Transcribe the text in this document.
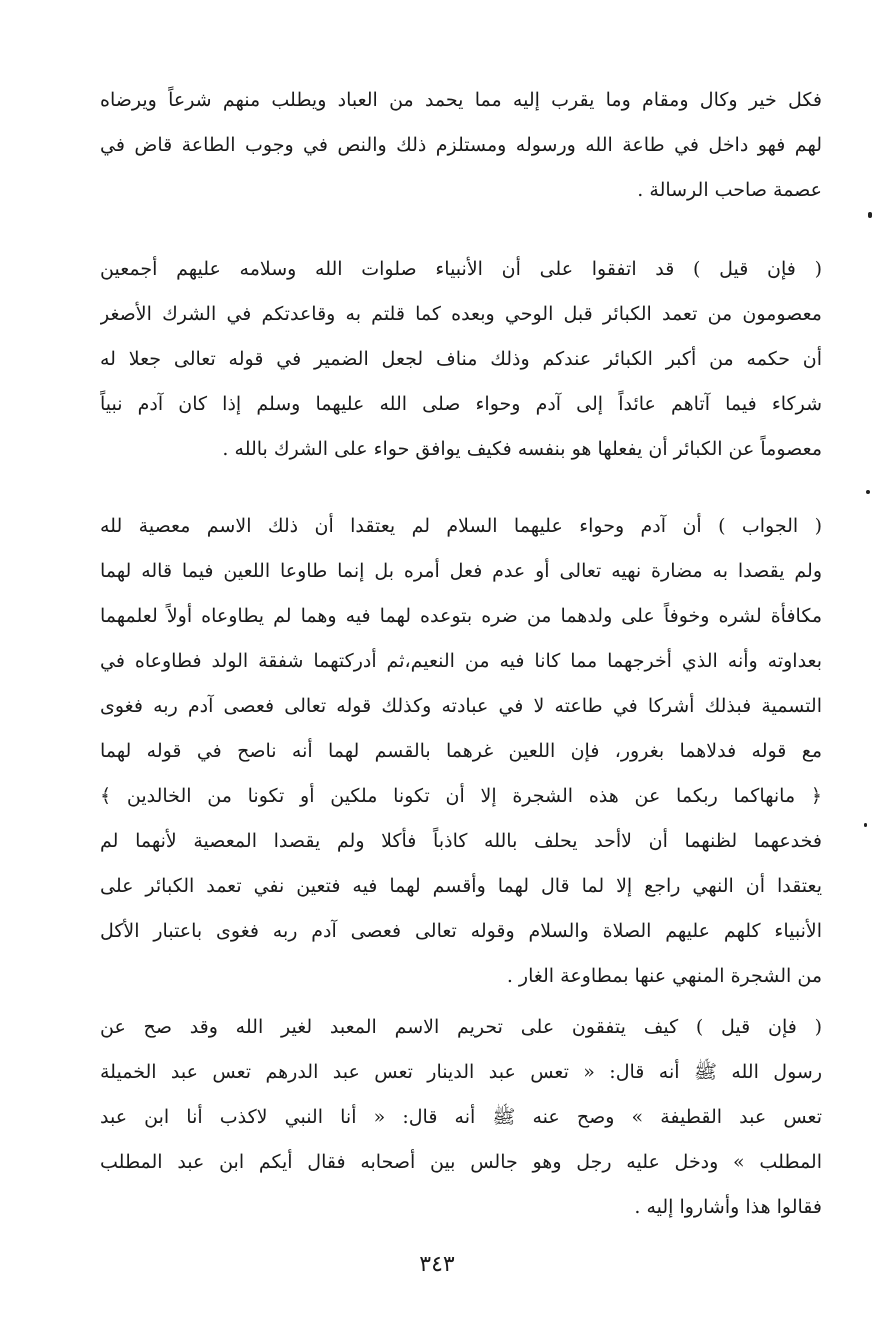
فكل خير وكال ومقام وما يقرب إليه مما يحمد من العباد ويطلب منهم شرعاً ويرضاه
لهم فهو داخل في طاعة الله ورسوله ومستلزم ذلك والنص في وجوب الطاعة قاض في
عصمة صاحب الرسالة .
( فإن قيل ) قد اتفقوا على أن الأنبياء صلوات الله وسلامه عليهم أجمعين
معصومون من تعمد الكبائر قبل الوحي وبعده كما قلتم به وقاعدتكم في الشرك الأصغر
أن حكمه من أكبر الكبائر عندكم وذلك مناف لجعل الضمير في قوله تعالى جعلا له
شركاء فيما آتاهم عائداً إلى آدم وحواء صلى الله عليهما وسلم إذا كان آدم نبياً
معصوماً عن الكبائر أن يفعلها هو بنفسه فكيف يوافق حواء على الشرك بالله .
( الجواب ) أن آدم وحواء عليهما السلام لم يعتقدا أن ذلك الاسم معصية لله
ولم يقصدا به مضارة نهيه تعالى أو عدم فعل أمره بل إنما طاوعا اللعين فيما قاله لهما
مكافأة لشره وخوفاً على ولدهما من ضره بتوعده لهما فيه وهما لم يطاوعاه أولاً لعلمهما
بعداوته وأنه الذي أخرجهما مما كانا فيه من النعيم،ثم أدركتهما شفقة الولد فطاوعاه في
التسمية فبذلك أشركا في طاعته لا في عبادته وكذلك قوله تعالى فعصى آدم ربه فغوى
مع قوله فدلاهما بغرور، فإن اللعين غرهما بالقسم لهما أنه ناصح في قوله لهما
﴿ مانهاكما ربكما عن هذه الشجرة إلا أن تكونا ملكين أو تكونا من الخالدين ﴾
فخدعهما لظنهما أن لاأحد يحلف بالله كاذباً فأكلا ولم يقصدا المعصية لأنهما لم
يعتقدا أن النهي راجع إلا لما قال لهما وأقسم لهما فيه فتعين نفي تعمد الكبائر على
الأنبياء كلهم عليهم الصلاة والسلام وقوله تعالى فعصى آدم ربه فغوى باعتبار الأكل
من الشجرة المنهي عنها بمطاوعة الغار .
( فإن قيل ) كيف يتفقون على تحريم الاسم المعبد لغير الله وقد صح عن
رسول الله ﷺ أنه قال: « تعس عبد الدينار تعس عبد الدرهم تعس عبد الخميلة
تعس عبد القطيفة » وصح عنه ﷺ أنه قال: « أنا النبي لاكذب أنا ابن عبد
المطلب » ودخل عليه رجل وهو جالس بين أصحابه فقال أيكم ابن عبد المطلب
فقالوا هذا وأشاروا إليه .
٣٤٣
